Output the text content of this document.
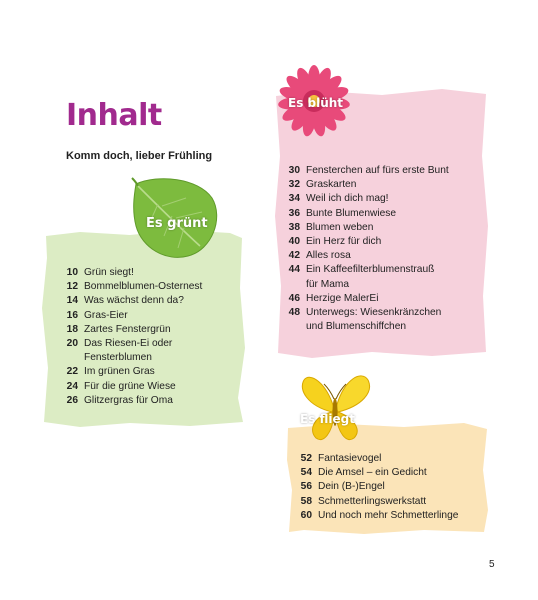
Inhalt
Komm doch, lieber Frühling
10 Grün siegt!
12 Bommelblumen-Osternest
14 Was wächst denn da?
16 Gras-Eier
18 Zartes Fenstergrün
20 Das Riesen-Ei oder
Fensterblumen
22 Im grünen Gras
24 Für die grüne Wiese
26 Glitzergras für Oma
Es grünt
30 Fensterchen auf fürs erste Bunt
32 Graskarten
34 Weil ich dich mag!
36 Bunte Blumenwiese
38 Blumen weben
40 Ein Herz für dich
42 Alles rosa
44 Ein Kaffeefilterblumenstrauß
für Mama
46 Herzige MalerEi
48 Unterwegs: Wiesenkränzchen
und Blumenschiffchen
Es blüht
52 Fantasievogel
54 Die Amsel – ein Gedicht
56 Dein (B-)Engel
58 Schmetterlingswerkstatt
60 Und noch mehr Schmetterlinge
Es fliegt
5
